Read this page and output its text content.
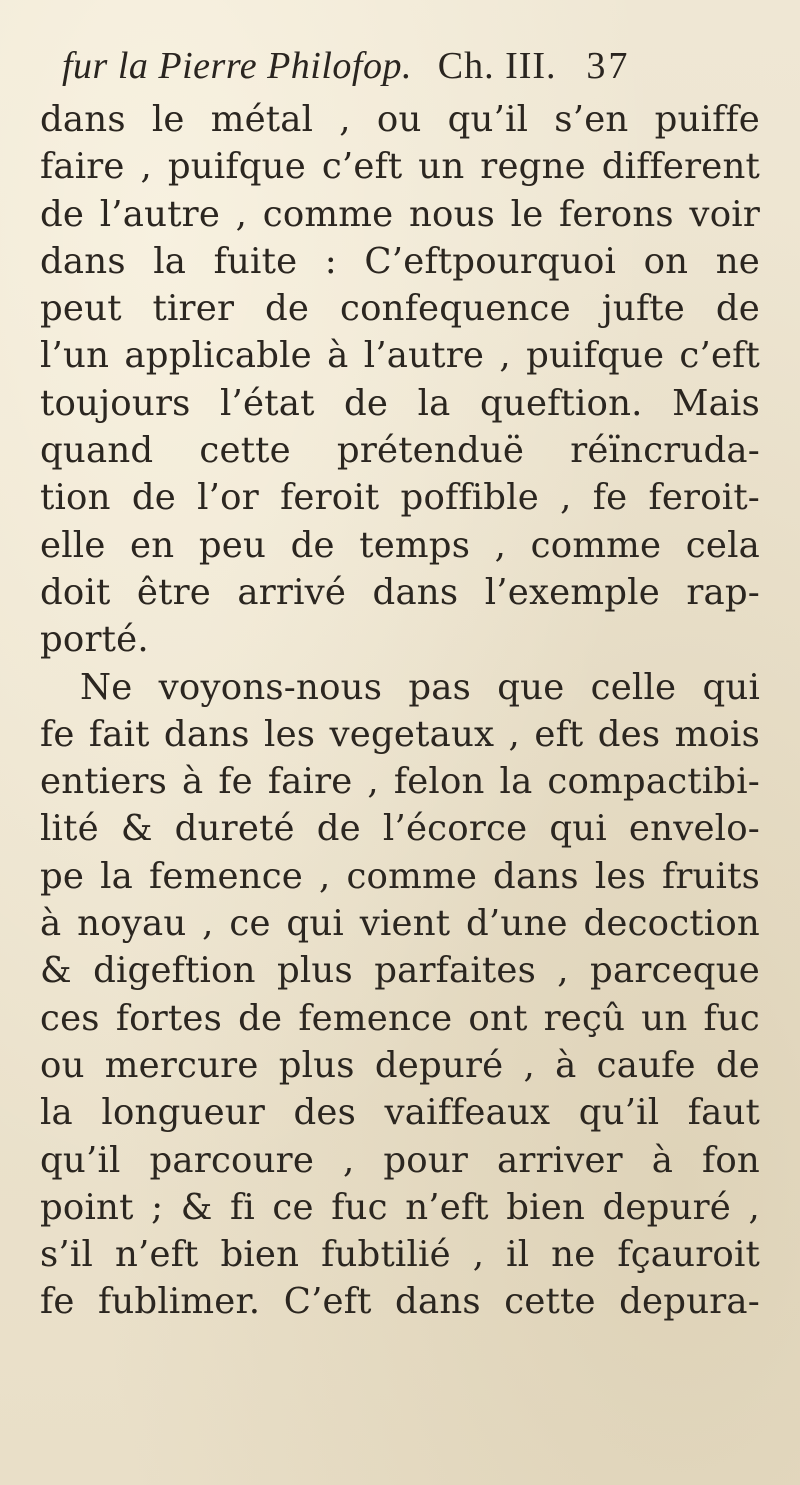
fur la Pierre Philofop. Ch. III. 37
dans le métal , ou qu’il s’en puiffe
faire , puifque c’eft un regne different
de l’autre , comme nous le ferons voir
dans la fuite : C’eftpourquoi on ne
peut tirer de confequence jufte de
l’un applicable à l’autre , puifque c’eft
toujours l’état de la queftion. Mais
quand cette prétenduë réïncruda-
tion de l’or feroit poffible , fe feroit-
elle en peu de temps , comme cela
doit être arrivé dans l’exemple rap-
porté.
Ne voyons-nous pas que celle qui
fe fait dans les vegetaux , eft des mois
entiers à fe faire , felon la compactibi-
lité & dureté de l’écorce qui envelo-
pe la femence , comme dans les fruits
à noyau , ce qui vient d’une decoction
& digeftion plus parfaites , parceque
ces fortes de femence ont reçû un fuc
ou mercure plus depuré , à caufe de
la longueur des vaiffeaux qu’il faut
qu’il parcoure , pour arriver à fon
point ; & fi ce fuc n’eft bien depuré ,
s’il n’eft bien fubtilié , il ne fçauroit
fe fublimer. C’eft dans cette depura-
